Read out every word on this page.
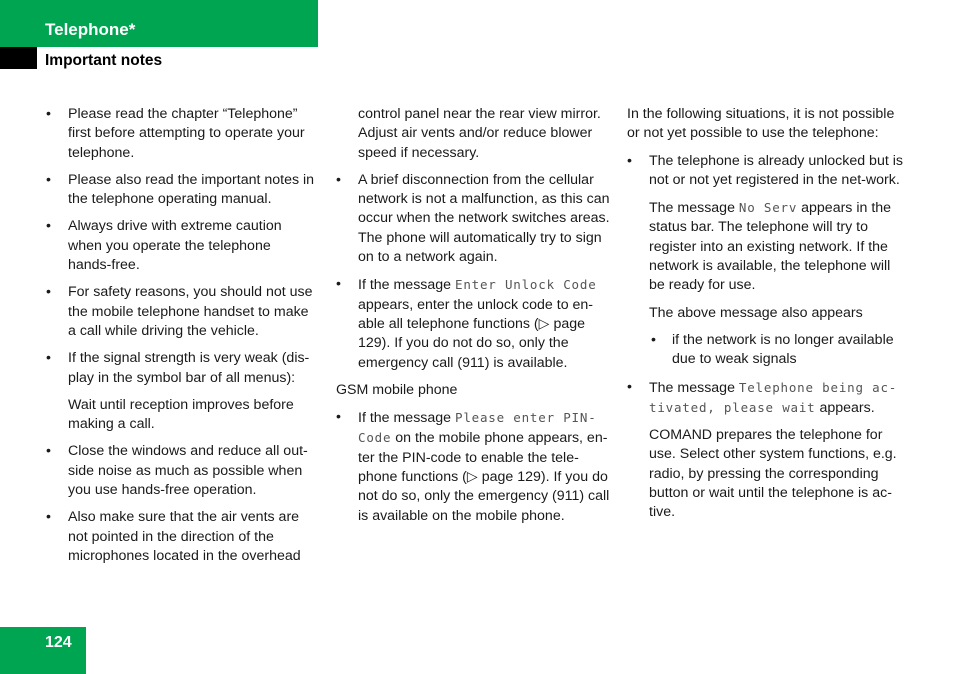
Telephone*
Important notes
• Please read the chapter “Telephone” first before attempting to operate your telephone.
• Please also read the important notes in the telephone operating manual.
• Always drive with extreme caution when you operate the telephone hands-free.
• For safety reasons, you should not use the mobile telephone handset to make a call while driving the vehicle.
• If the signal strength is very weak (dis-play in the symbol bar of all menus):
Wait until reception improves before making a call.
• Close the windows and reduce all out-side noise as much as possible when you use hands-free operation.
• Also make sure that the air vents are not pointed in the direction of the microphones located in the overhead
control panel near the rear view mirror. Adjust air vents and/or reduce blower speed if necessary.
• A brief disconnection from the cellular network is not a malfunction, as this can occur when the network switches areas. The phone will automatically try to sign on to a network again.
• If the message Enter Unlock Code appears, enter the unlock code to en-able all telephone functions (▷ page 129). If you do not do so, only the emergency call (911) is available.

GSM mobile phone

• If the message Please enter PIN-Code on the mobile phone appears, en-ter the PIN-code to enable the tele-phone functions (▷ page 129). If you do not do so, only the emergency (911) call is available on the mobile phone.

In the following situations, it is not possible or not yet possible to use the telephone:

• The telephone is already unlocked but is not or not yet registered in the net-work.
The message No Serv appears in the status bar. The telephone will try to register into an existing network. If the network is available, the telephone will be ready for use.
The above message also appears
• if the network is no longer available due to weak signals
• The message Telephone being ac-tivated, please wait appears.
COMAND prepares the telephone for use. Select other system functions, e.g. radio, by pressing the corresponding button or wait until the telephone is ac-tive.
124
